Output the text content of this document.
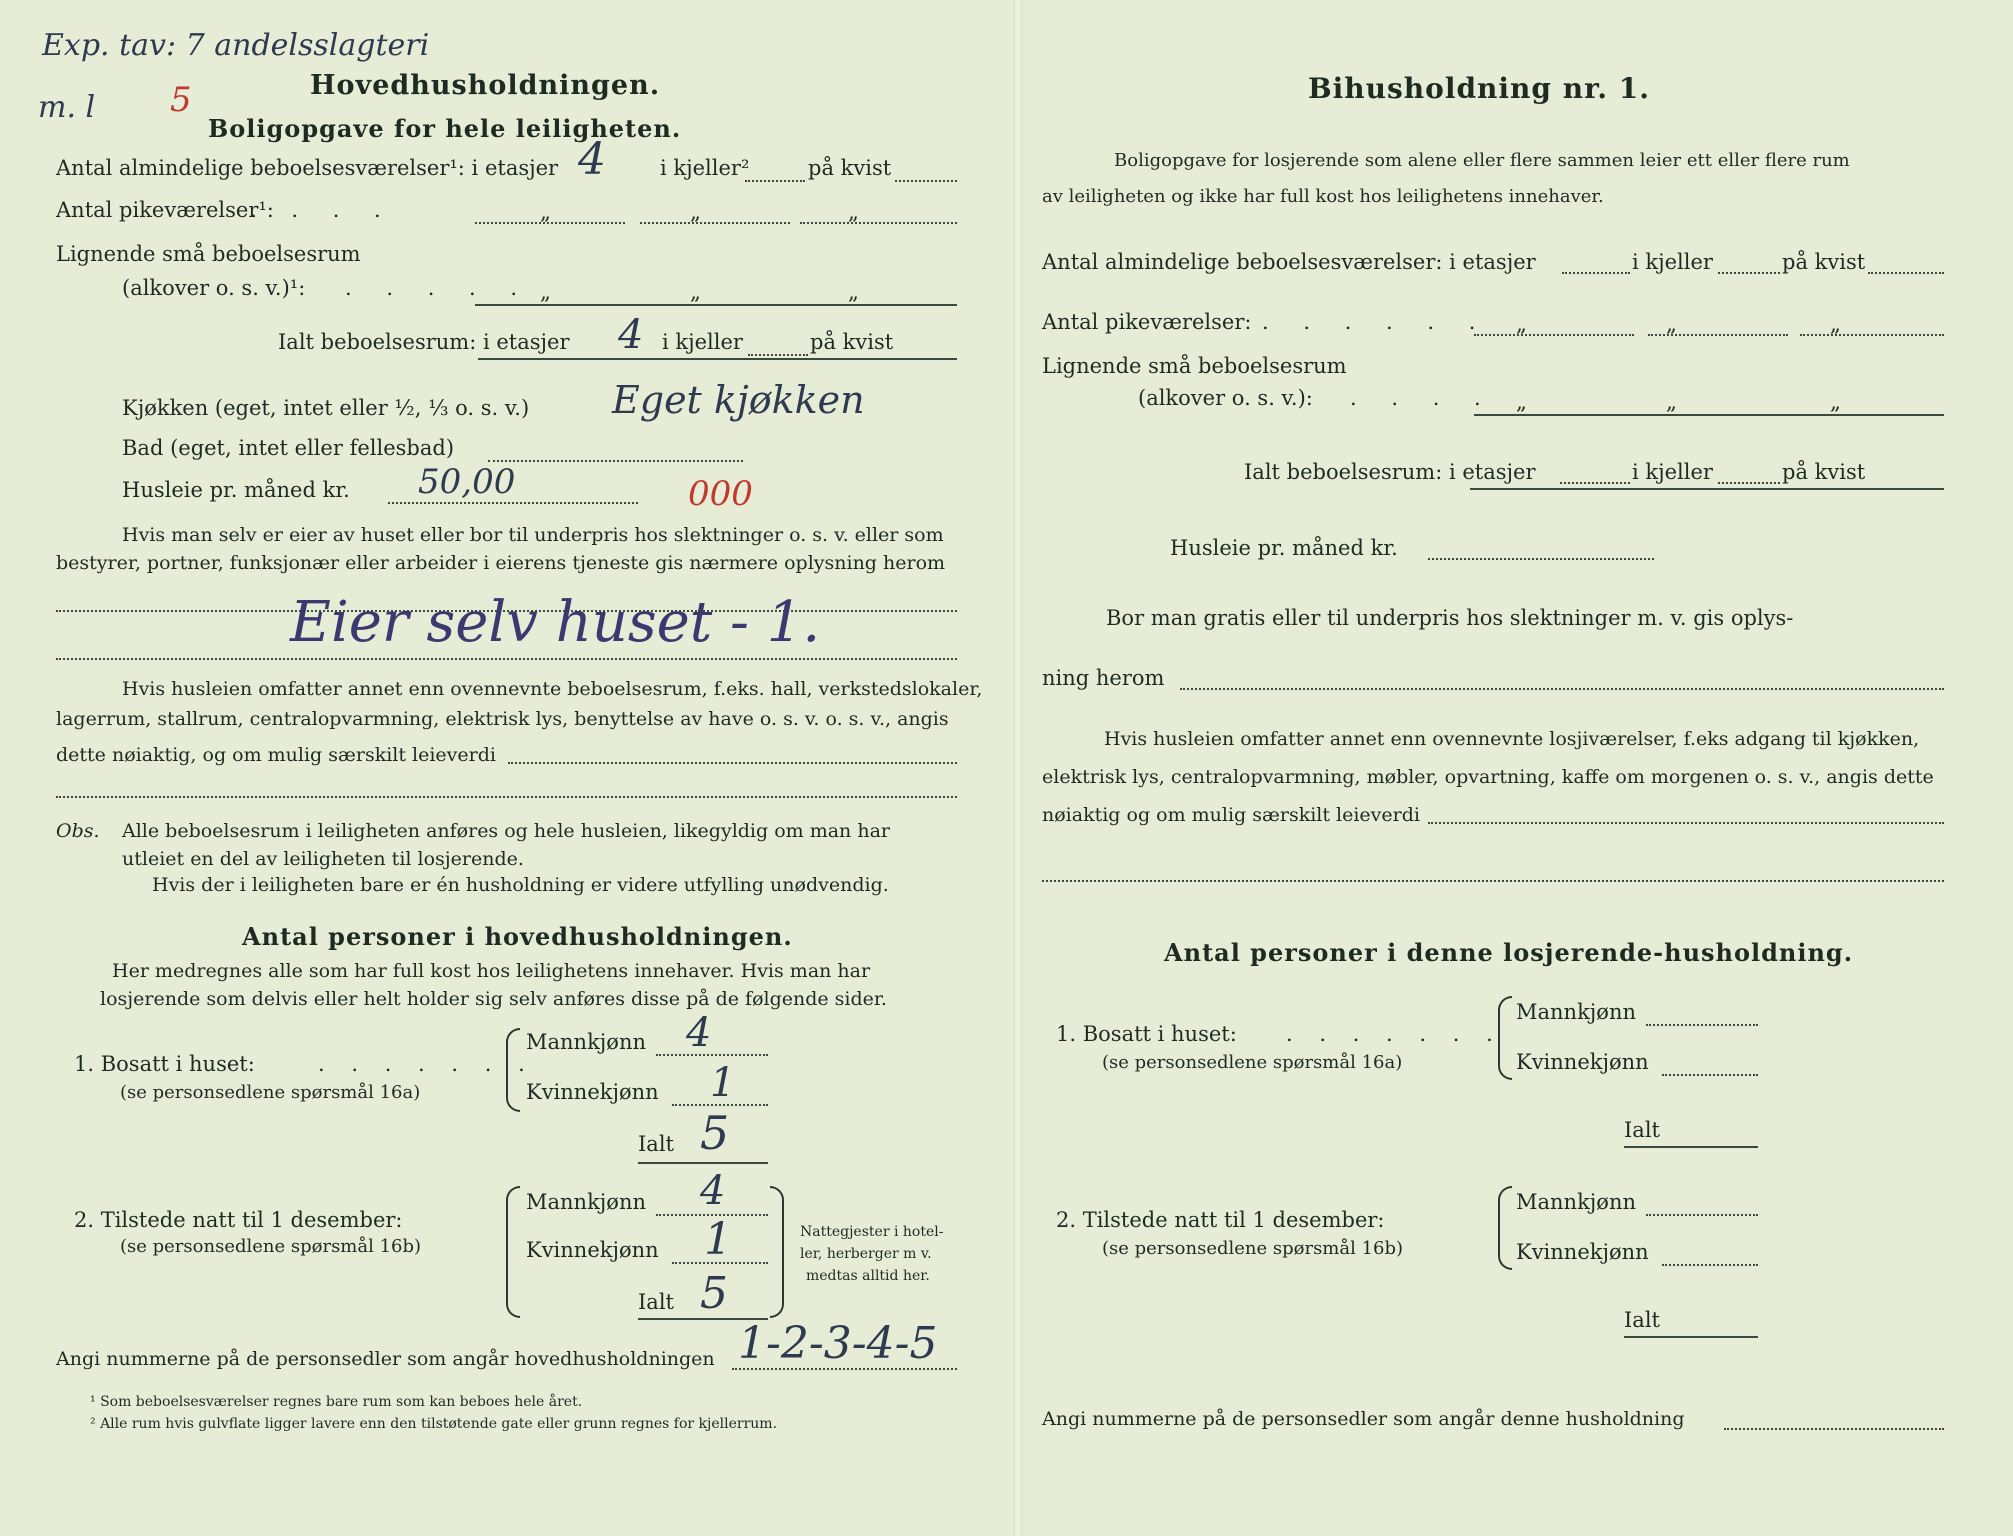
Exp. tav: 7 andelsslagteri
m. l 5	Hovedhusholdningen.
Boligopgave for hele leiligheten.
Antal almindelige beboelsesværelser¹: i etasjer 4	i kjeller²	på kvist
Antal pikeværelser¹:
. . . .	„	„	„
Lignende små beboelsesrum
(alkover o. s. v.)¹: . . . . . „	„	„
Ialt beboelsesrum: i etasjer 4 i kjeller	på kvist
Kjøkken (eget, intet eller ½, ⅓ o. s. v.) Eget kjøkken
Bad (eget, intet eller fellesbad)
Husleie pr. måned kr. 50,00	000
Hvis man selv er eier av huset eller bor til underpris hos slektninger o. s. v. eller som
bestyrer, portner, funksjonær eller arbeider i eierens tjeneste gis nærmere oplysning herom
Eier selv huset - 1.
Hvis husleien omfatter annet enn ovennevnte beboelsesrum, f.eks. hall, verkstedslokaler,
lagerrum, stallrum, centralopvarmning, elektrisk lys, benyttelse av have o. s. v. o. s. v., angis
dette nøiaktig, og om mulig særskilt leieverdi
Obs. Alle beboelsesrum i leiligheten anføres og hele husleien, likegyldig om man har
utleiet en del av leiligheten til losjerende.
Hvis der i leiligheten bare er én husholdning er videre utfylling unødvendig.
Antal personer i hovedhusholdningen.
Her medregnes alle som har full kost hos leilighetens innehaver. Hvis man har
losjerende som delvis eller helt holder sig selv anføres disse på de følgende sider.
1. Bosatt i huset:	. . . . . . .
(se personsedlene spørsmål 16a)
Mannkjønn 4
Kvinnekjønn 1
Ialt 5
2. Tilstede natt til 1 desember:
(se personsedlene spørsmål 16b)
Mannkjønn 4
Kvinnekjønn 1
Ialt 5
Nattegjester i hotel-
ler, herberger m v.
medtas alltid her.
Angi nummerne på de personsedler som angår hovedhusholdningen 1-2-3-4-5
¹ Som beboelsesværelser regnes bare rum som kan beboes hele året.
² Alle rum hvis gulvflate ligger lavere enn den tilstøtende gate eller grunn regnes for kjellerrum.
Bihusholdning nr. 1.
Boligopgave for losjerende som alene eller flere sammen leier ett eller flere rum
av leiligheten og ikke har full kost hos leilighetens innehaver.
Antal almindelige beboelsesværelser: i etasjer	i kjeller	på kvist
Antal pikeværelser: . . . . . . „	„	„
Lignende små beboelsesrum
(alkover o. s. v.): . . . . „	„	„
Ialt beboelsesrum: i etasjer	i kjeller	på kvist
Husleie pr. måned kr.
Bor man gratis eller til underpris hos slektninger m. v. gis oplys-
ning herom
Hvis husleien omfatter annet enn ovennevnte losjiværelser, f.eks adgang til kjøkken,
elektrisk lys, centralopvarmning, møbler, opvartning, kaffe om morgenen o. s. v., angis dette
nøiaktig og om mulig særskilt leieverdi
Antal personer i denne losjerende-husholdning.
1. Bosatt i huset: . . . . . . .
(se personsedlene spørsmål 16a)
Mannkjønn
Kvinnekjønn
Ialt
2. Tilstede natt til 1 desember:
(se personsedlene spørsmål 16b)
Mannkjønn
Kvinnekjønn
Ialt
Angi nummerne på de personsedler som angår denne husholdning
